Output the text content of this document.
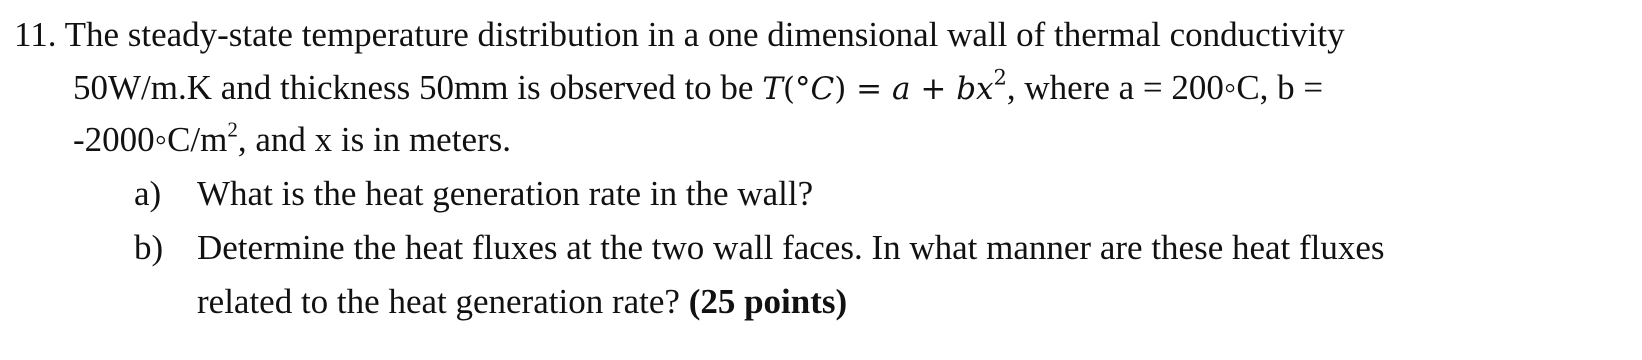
11. The steady-state temperature distribution in a one dimensional wall of thermal conductivity
50W/m.K and thickness 50mm is observed to be $T(^\circ C) = a + bx^2$, where a = 200◦C, b =
$-2000◦C/m^2$, and x is in meters.
a) What is the heat generation rate in the wall?
b) Determine the heat fluxes at the two wall faces. In what manner are these heat fluxes
related to the heat generation rate? (25 points)
